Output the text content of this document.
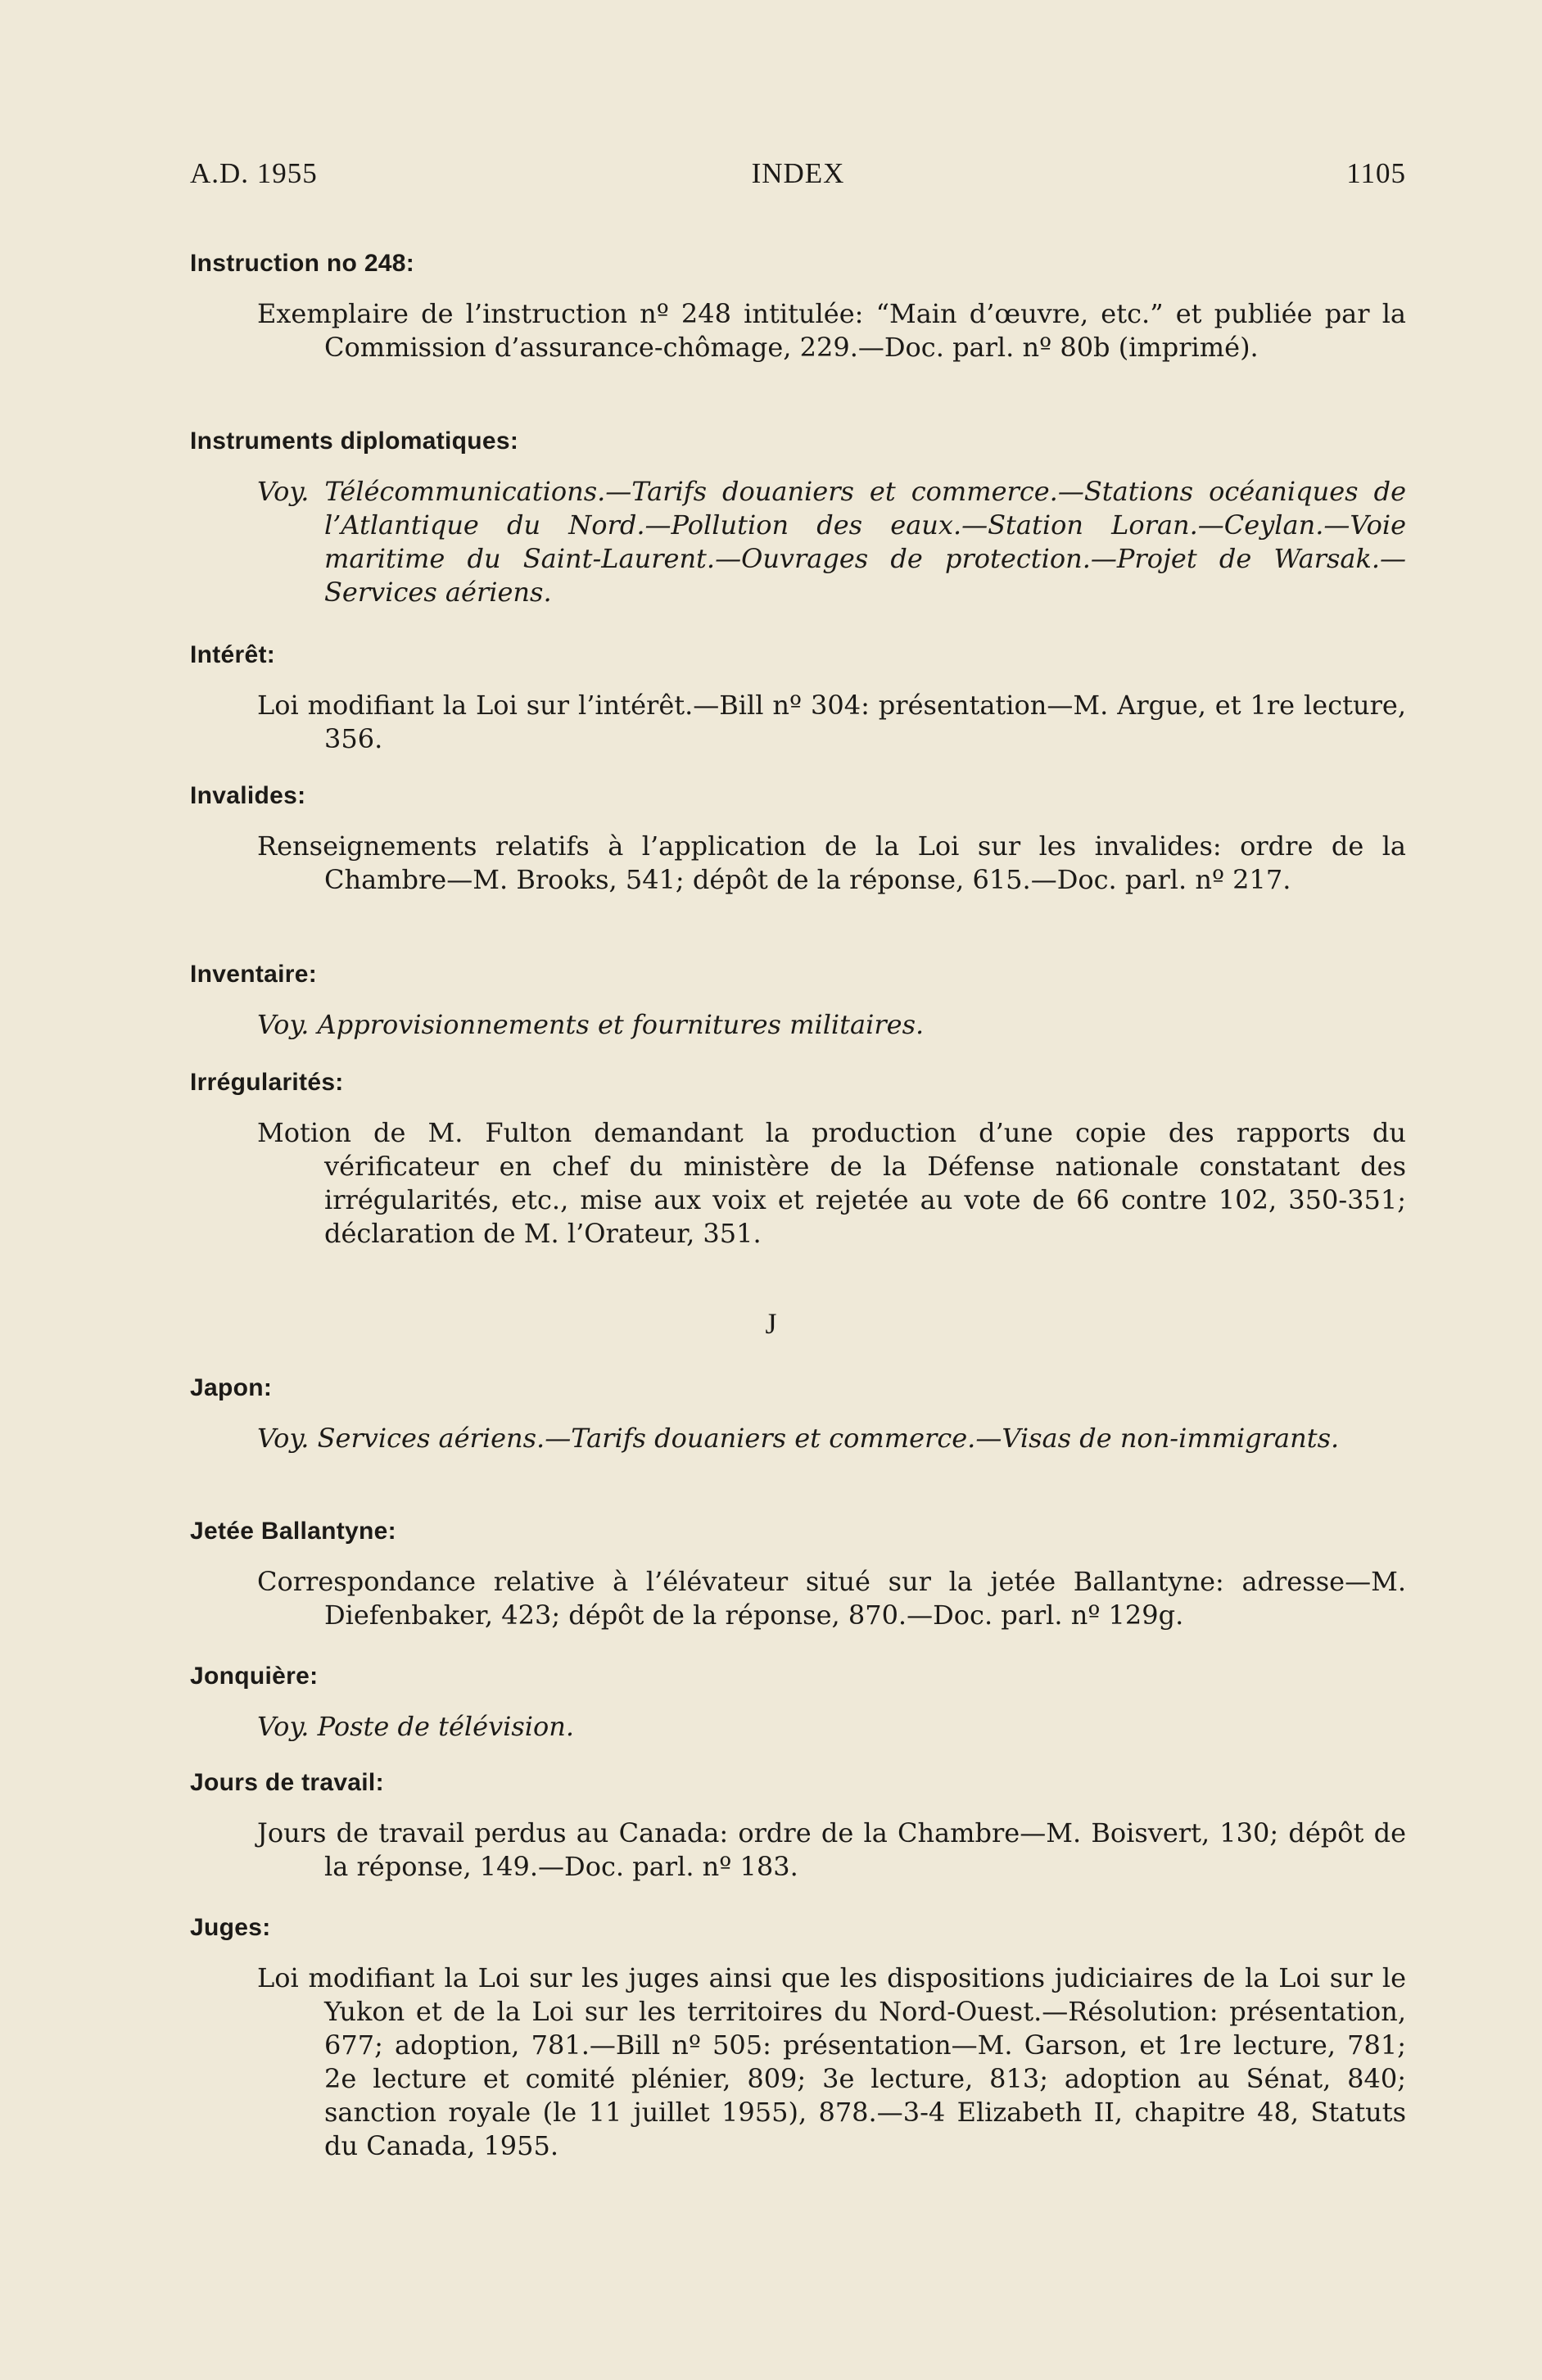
A.D. 1955	INDEX	1105
Instruction no 248:
Exemplaire de l’instruction nº 248 intitulée: “Main d’œuvre, etc.” et publiée par la Commission d’assurance-chômage, 229.—Doc. parl. nº 80b (imprimé).
Instruments diplomatiques:
Voy. Télécommunications.—Tarifs douaniers et commerce.—Stations océaniques de l’Atlantique du Nord.—Pollution des eaux.—Station Loran.—Ceylan.—Voie maritime du Saint-Laurent.—Ouvrages de protection.—Projet de Warsak.—Services aériens.
Intérêt:
Loi modifiant la Loi sur l’intérêt.—Bill nº 304: présentation—M. Argue, et 1re lecture, 356.
Invalides:
Renseignements relatifs à l’application de la Loi sur les invalides: ordre de la Chambre—M. Brooks, 541; dépôt de la réponse, 615.—Doc. parl. nº 217.
Inventaire:
Voy. Approvisionnements et fournitures militaires.
Irrégularités:
Motion de M. Fulton demandant la production d’une copie des rapports du vérificateur en chef du ministère de la Défense nationale constatant des irrégularités, etc., mise aux voix et rejetée au vote de 66 contre 102, 350-351; déclaration de M. l’Orateur, 351.
J
Japon:
Voy. Services aériens.—Tarifs douaniers et commerce.—Visas de non-immigrants.
Jetée Ballantyne:
Correspondance relative à l’élévateur situé sur la jetée Ballantyne: adresse—M. Diefenbaker, 423; dépôt de la réponse, 870.—Doc. parl. nº 129g.
Jonquière:
Voy. Poste de télévision.
Jours de travail:
Jours de travail perdus au Canada: ordre de la Chambre—M. Boisvert, 130; dépôt de la réponse, 149.—Doc. parl. nº 183.
Juges:
Loi modifiant la Loi sur les juges ainsi que les dispositions judiciaires de la Loi sur le Yukon et de la Loi sur les territoires du Nord-Ouest.—Résolution: présentation, 677; adoption, 781.—Bill nº 505: présentation—M. Garson, et 1re lecture, 781; 2e lecture et comité plénier, 809; 3e lecture, 813; adoption au Sénat, 840; sanction royale (le 11 juillet 1955), 878.—3-4 Elizabeth II, chapitre 48, Statuts du Canada, 1955.
